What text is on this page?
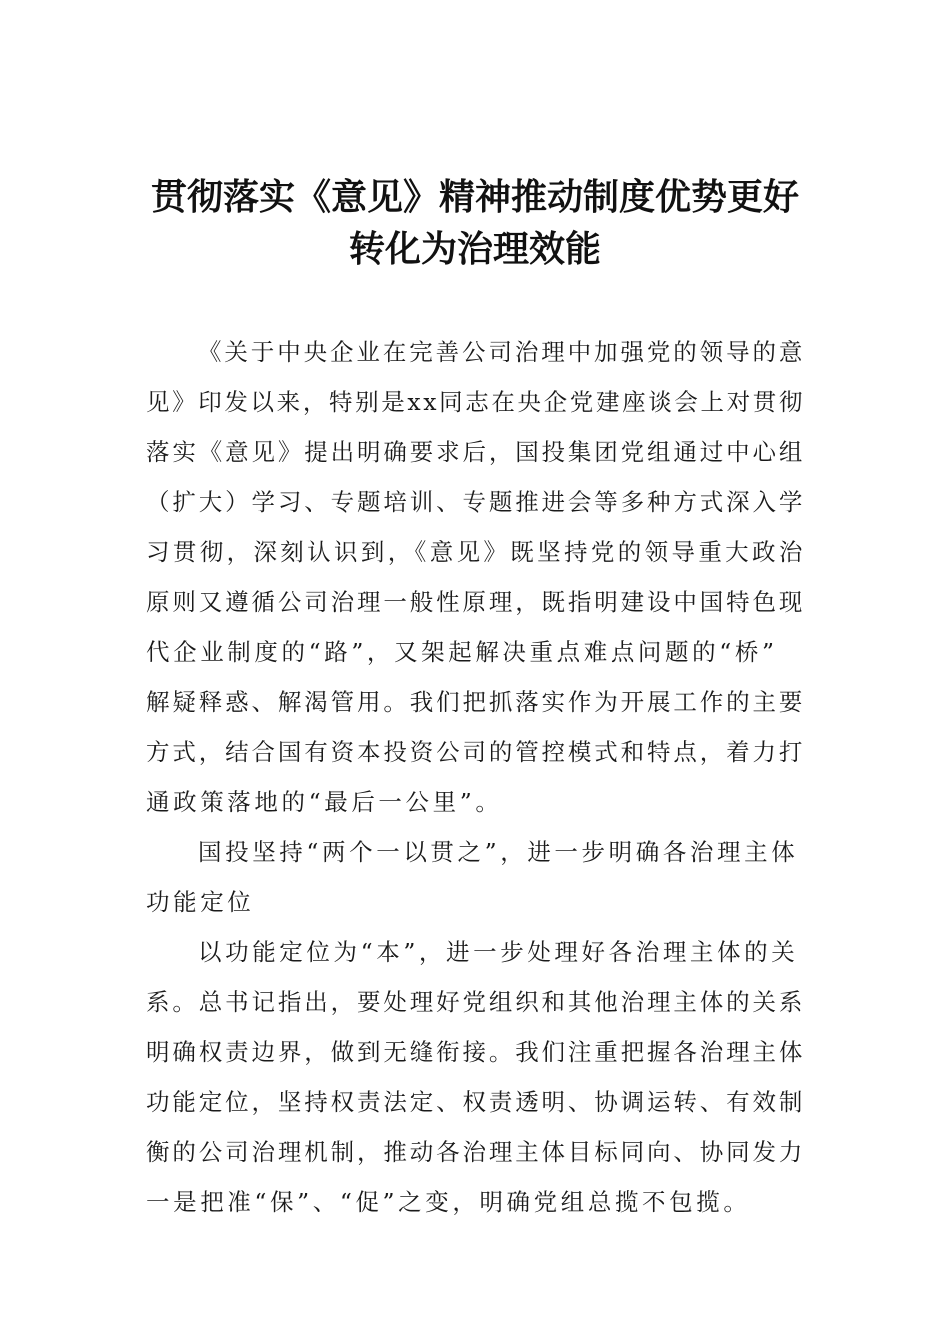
贯彻落实《意见》精神推动制度优势更好
转化为治理效能
《关于中央企业在完善公司治理中加强党的领导的意
见》印发以来，特别是xx同志在央企党建座谈会上对贯彻
落实《意见》提出明确要求后，国投集团党组通过中心组
（扩大）学习、专题培训、专题推进会等多种方式深入学
习贯彻，深刻认识到，《意见》既坚持党的领导重大政治
原则又遵循公司治理一般性原理，既指明建设中国特色现
代企业制度的“路”，又架起解决重点难点问题的“桥”
解疑释惑、解渴管用。我们把抓落实作为开展工作的主要
方式，结合国有资本投资公司的管控模式和特点，着力打
通政策落地的“最后一公里”。
国投坚持“两个一以贯之”，进一步明确各治理主体
功能定位
以功能定位为“本”，进一步处理好各治理主体的关
系。总书记指出，要处理好党组织和其他治理主体的关系
明确权责边界，做到无缝衔接。我们注重把握各治理主体
功能定位，坚持权责法定、权责透明、协调运转、有效制
衡的公司治理机制，推动各治理主体目标同向、协同发力
一是把准“保”、“促”之变，明确党组总揽不包揽。
